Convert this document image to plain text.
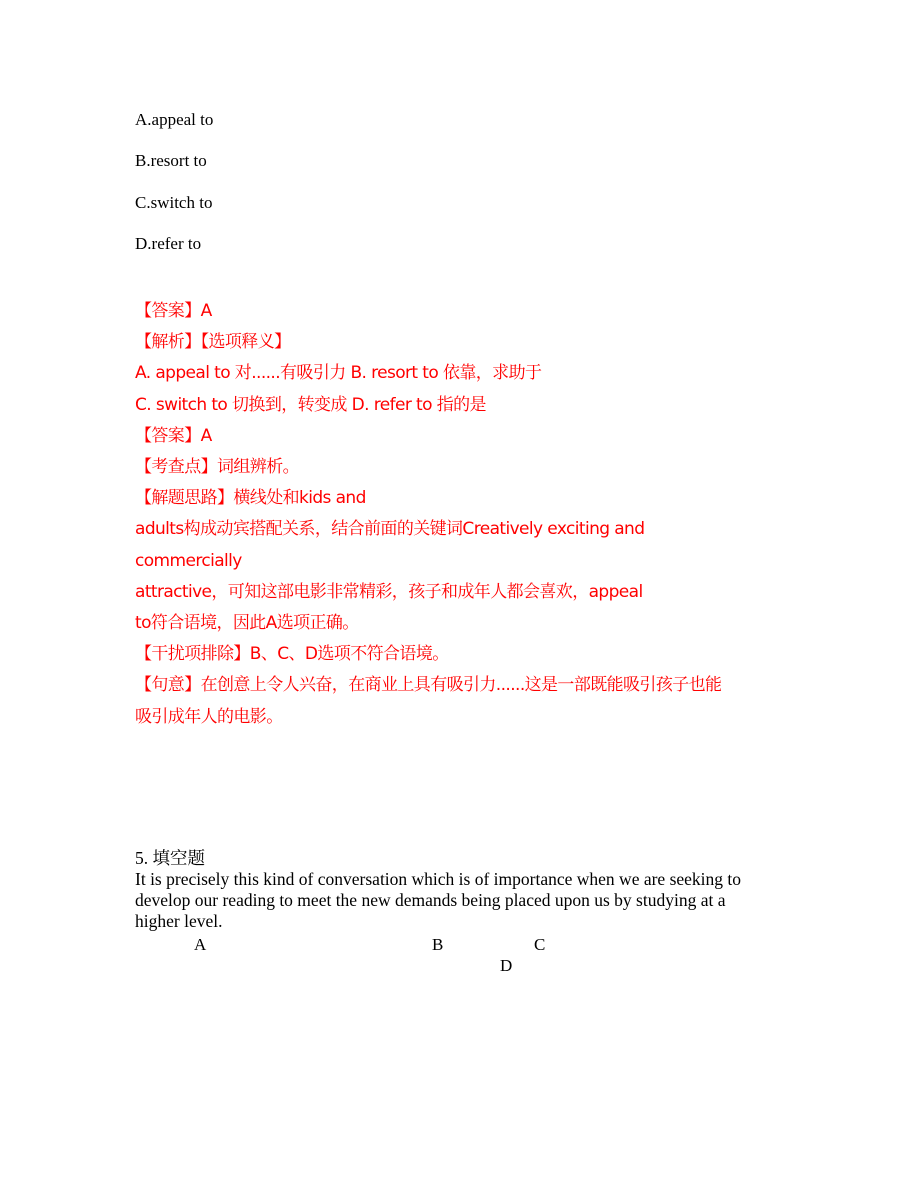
A.appeal to
B.resort to
C.switch to
D.refer to
【答案】A
【解析】【选项释义】
A. appeal to 对......有吸引力 B. resort to 依靠，求助于
C. switch to 切换到，转变成 D. refer to 指的是
【答案】A
【考查点】词组辨析。
【解题思路】横线处和kids and
adults构成动宾搭配关系，结合前面的关键词Creatively exciting and
commercially
attractive，可知这部电影非常精彩，孩子和成年人都会喜欢，appeal
to符合语境，因此A选项正确。
【干扰项排除】B、C、D选项不符合语境。
【句意】在创意上令人兴奋，在商业上具有吸引力......这是一部既能吸引孩子也能
吸引成年人的电影。
5. 填空题
It is precisely this kind of conversation which is of importance when we are seeking to
develop our reading to meet the new demands being placed upon us by studying at a
higher level.
A	B	C
D
